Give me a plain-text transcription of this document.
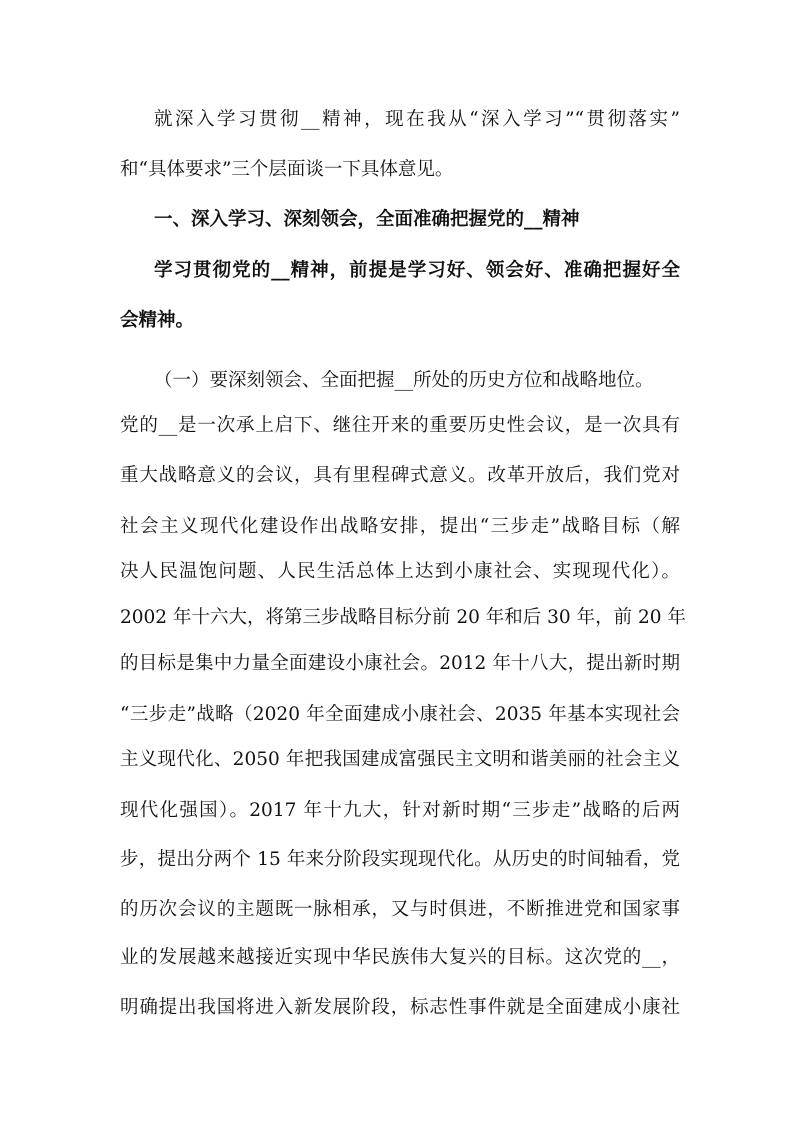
就深入学习贯彻__精神，现在我从“深入学习”“贯彻落实”
和“具体要求”三个层面谈一下具体意见。
一、深入学习、深刻领会，全面准确把握党的__精神
学习贯彻党的__精神，前提是学习好、领会好、准确把握好全
会精神。
（一）要深刻领会、全面把握__所处的历史方位和战略地位。
党的__是一次承上启下、继往开来的重要历史性会议，是一次具有
重大战略意义的会议，具有里程碑式意义。改革开放后，我们党对
社会主义现代化建设作出战略安排，提出“三步走”战略目标（解
决人民温饱问题、人民生活总体上达到小康社会、实现现代化）。
2002 年十六大，将第三步战略目标分前 20 年和后 30 年，前 20 年
的目标是集中力量全面建设小康社会。2012 年十八大，提出新时期
“三步走”战略（2020 年全面建成小康社会、2035 年基本实现社会
主义现代化、2050 年把我国建成富强民主文明和谐美丽的社会主义
现代化强国）。2017 年十九大，针对新时期“三步走”战略的后两
步，提出分两个 15 年来分阶段实现现代化。从历史的时间轴看，党
的历次会议的主题既一脉相承，又与时俱进，不断推进党和国家事
业的发展越来越接近实现中华民族伟大复兴的目标。这次党的__，
明确提出我国将进入新发展阶段，标志性事件就是全面建成小康社
